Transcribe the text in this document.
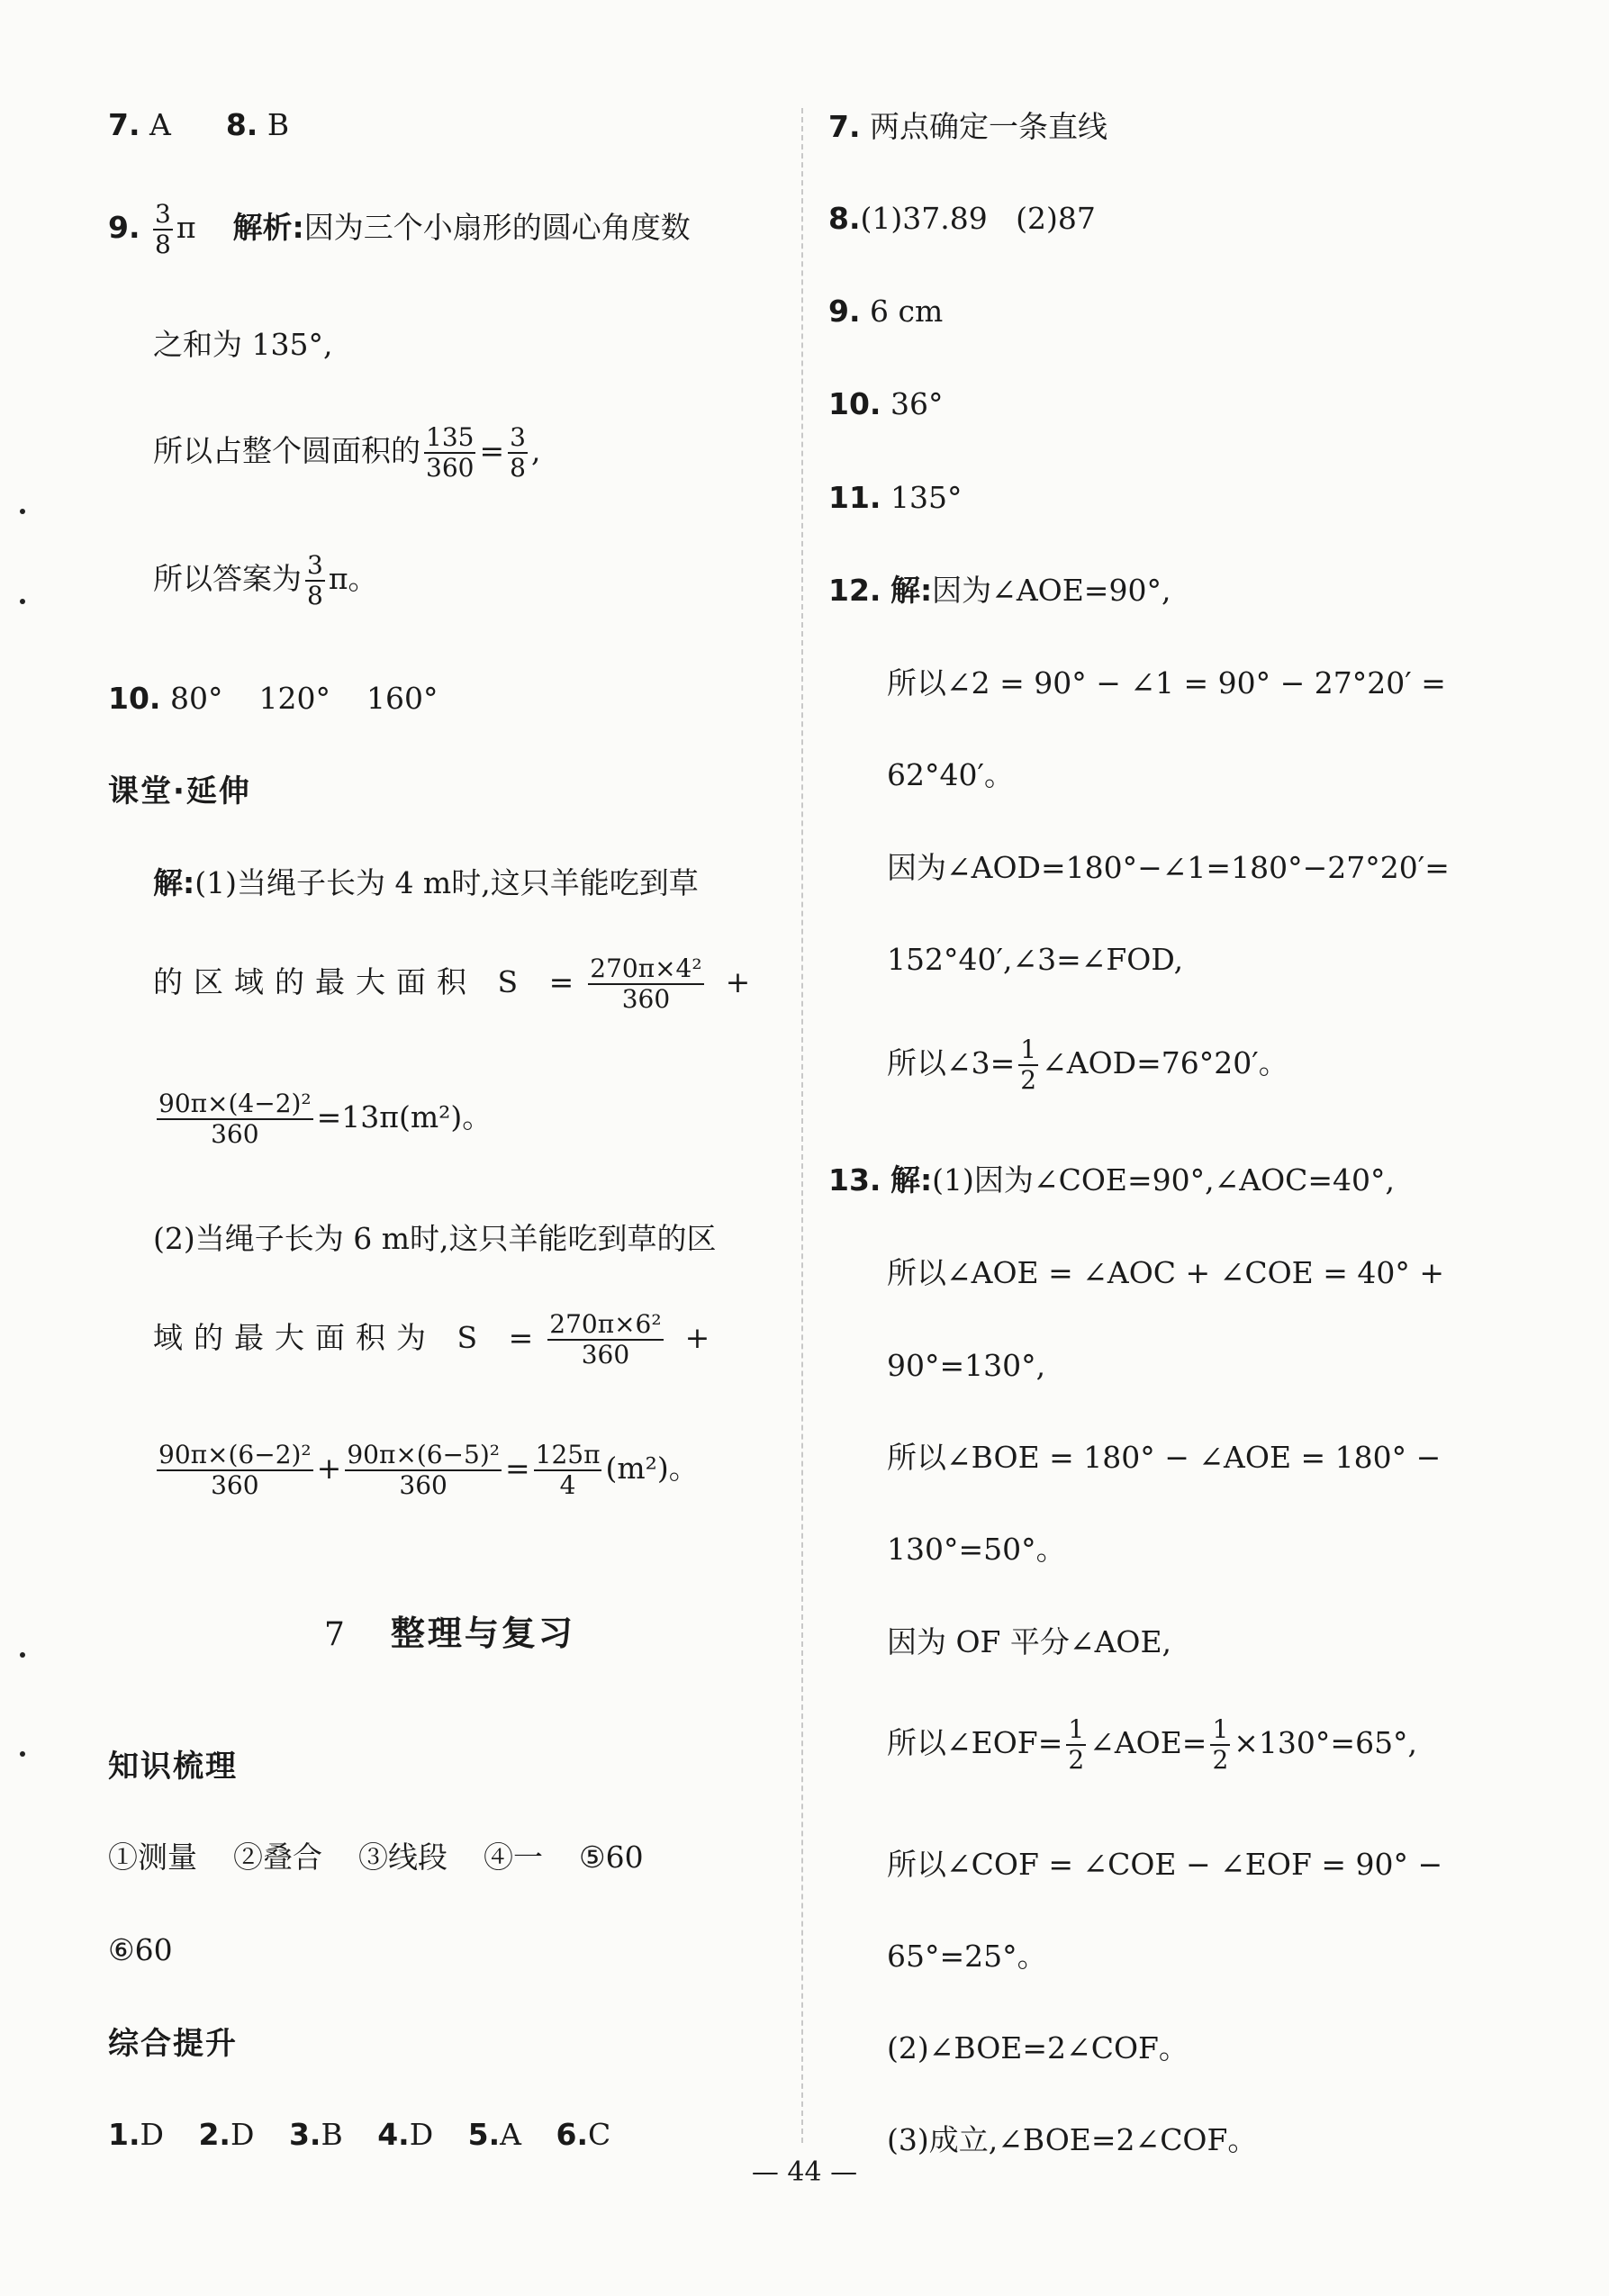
7. A 8. B
9. $\frac{3}{8}$ π 解析:因为三个小扇形的圆心角度数
之和为 135°,
所以占整个圆面积的 $\frac{135}{360} = \frac{3}{8}$ ,
所以答案为 $\frac{3}{8}$ π。
10. 80° 120° 160°
课堂·延伸
解:(1)当绳子长为 4 m时,这只羊能吃到草
的区域的最大面积 $S = \frac{\text{270π×4²}}{360}$ +
$\frac{\text{90π×(4−2)²}}{360} =13\pi(m^2)$。
(2)当绳子长为 6 m时,这只羊能吃到草的区
域的最大面积为 $S = \frac{\text{270π×6²}}{360}$ +
$\frac{\text{90π×(6−2)²}}{360} + \frac{\text{90π×(6−5)²}}{360} = \frac{125\pi}{4} (m^2)$。
7 整理与复习
知识梳理
①测量 ②叠合 ③线段 ④一 ⑤60
⑥60
综合提升
1.D 2.D 3.B 4.D 5.A 6.C
7. 两点确定一条直线
8.(1)37.89   (2)87
9. 6 cm
10. 36°
11. 135°
12. 解:因为∠AOE=90°,
所以∠2 = 90° − ∠1 = 90° − 27°20′ =
62°40′。
因为∠AOD=180°−∠1=180°−27°20′=
152°40′,∠3=∠FOD,
所以∠3= $\frac{1}{2}$ ∠AOD=76°20′。
13. 解:(1)因为∠COE=90°,∠AOC=40°,
所以∠AOE = ∠AOC + ∠COE = 40° +
90°=130°,
所以∠BOE = 180° − ∠AOE = 180° −
130°=50°。
因为 OF 平分∠AOE,
所以∠EOF= $\frac{1}{2}$ ∠AOE= $\frac{1}{2} \times 130^\circ=65^\circ$,
所以∠COF = ∠COE − ∠EOF = 90° −
65°=25°。
(2)∠BOE=2∠COF。
(3)成立,∠BOE=2∠COF。
— 44 —
